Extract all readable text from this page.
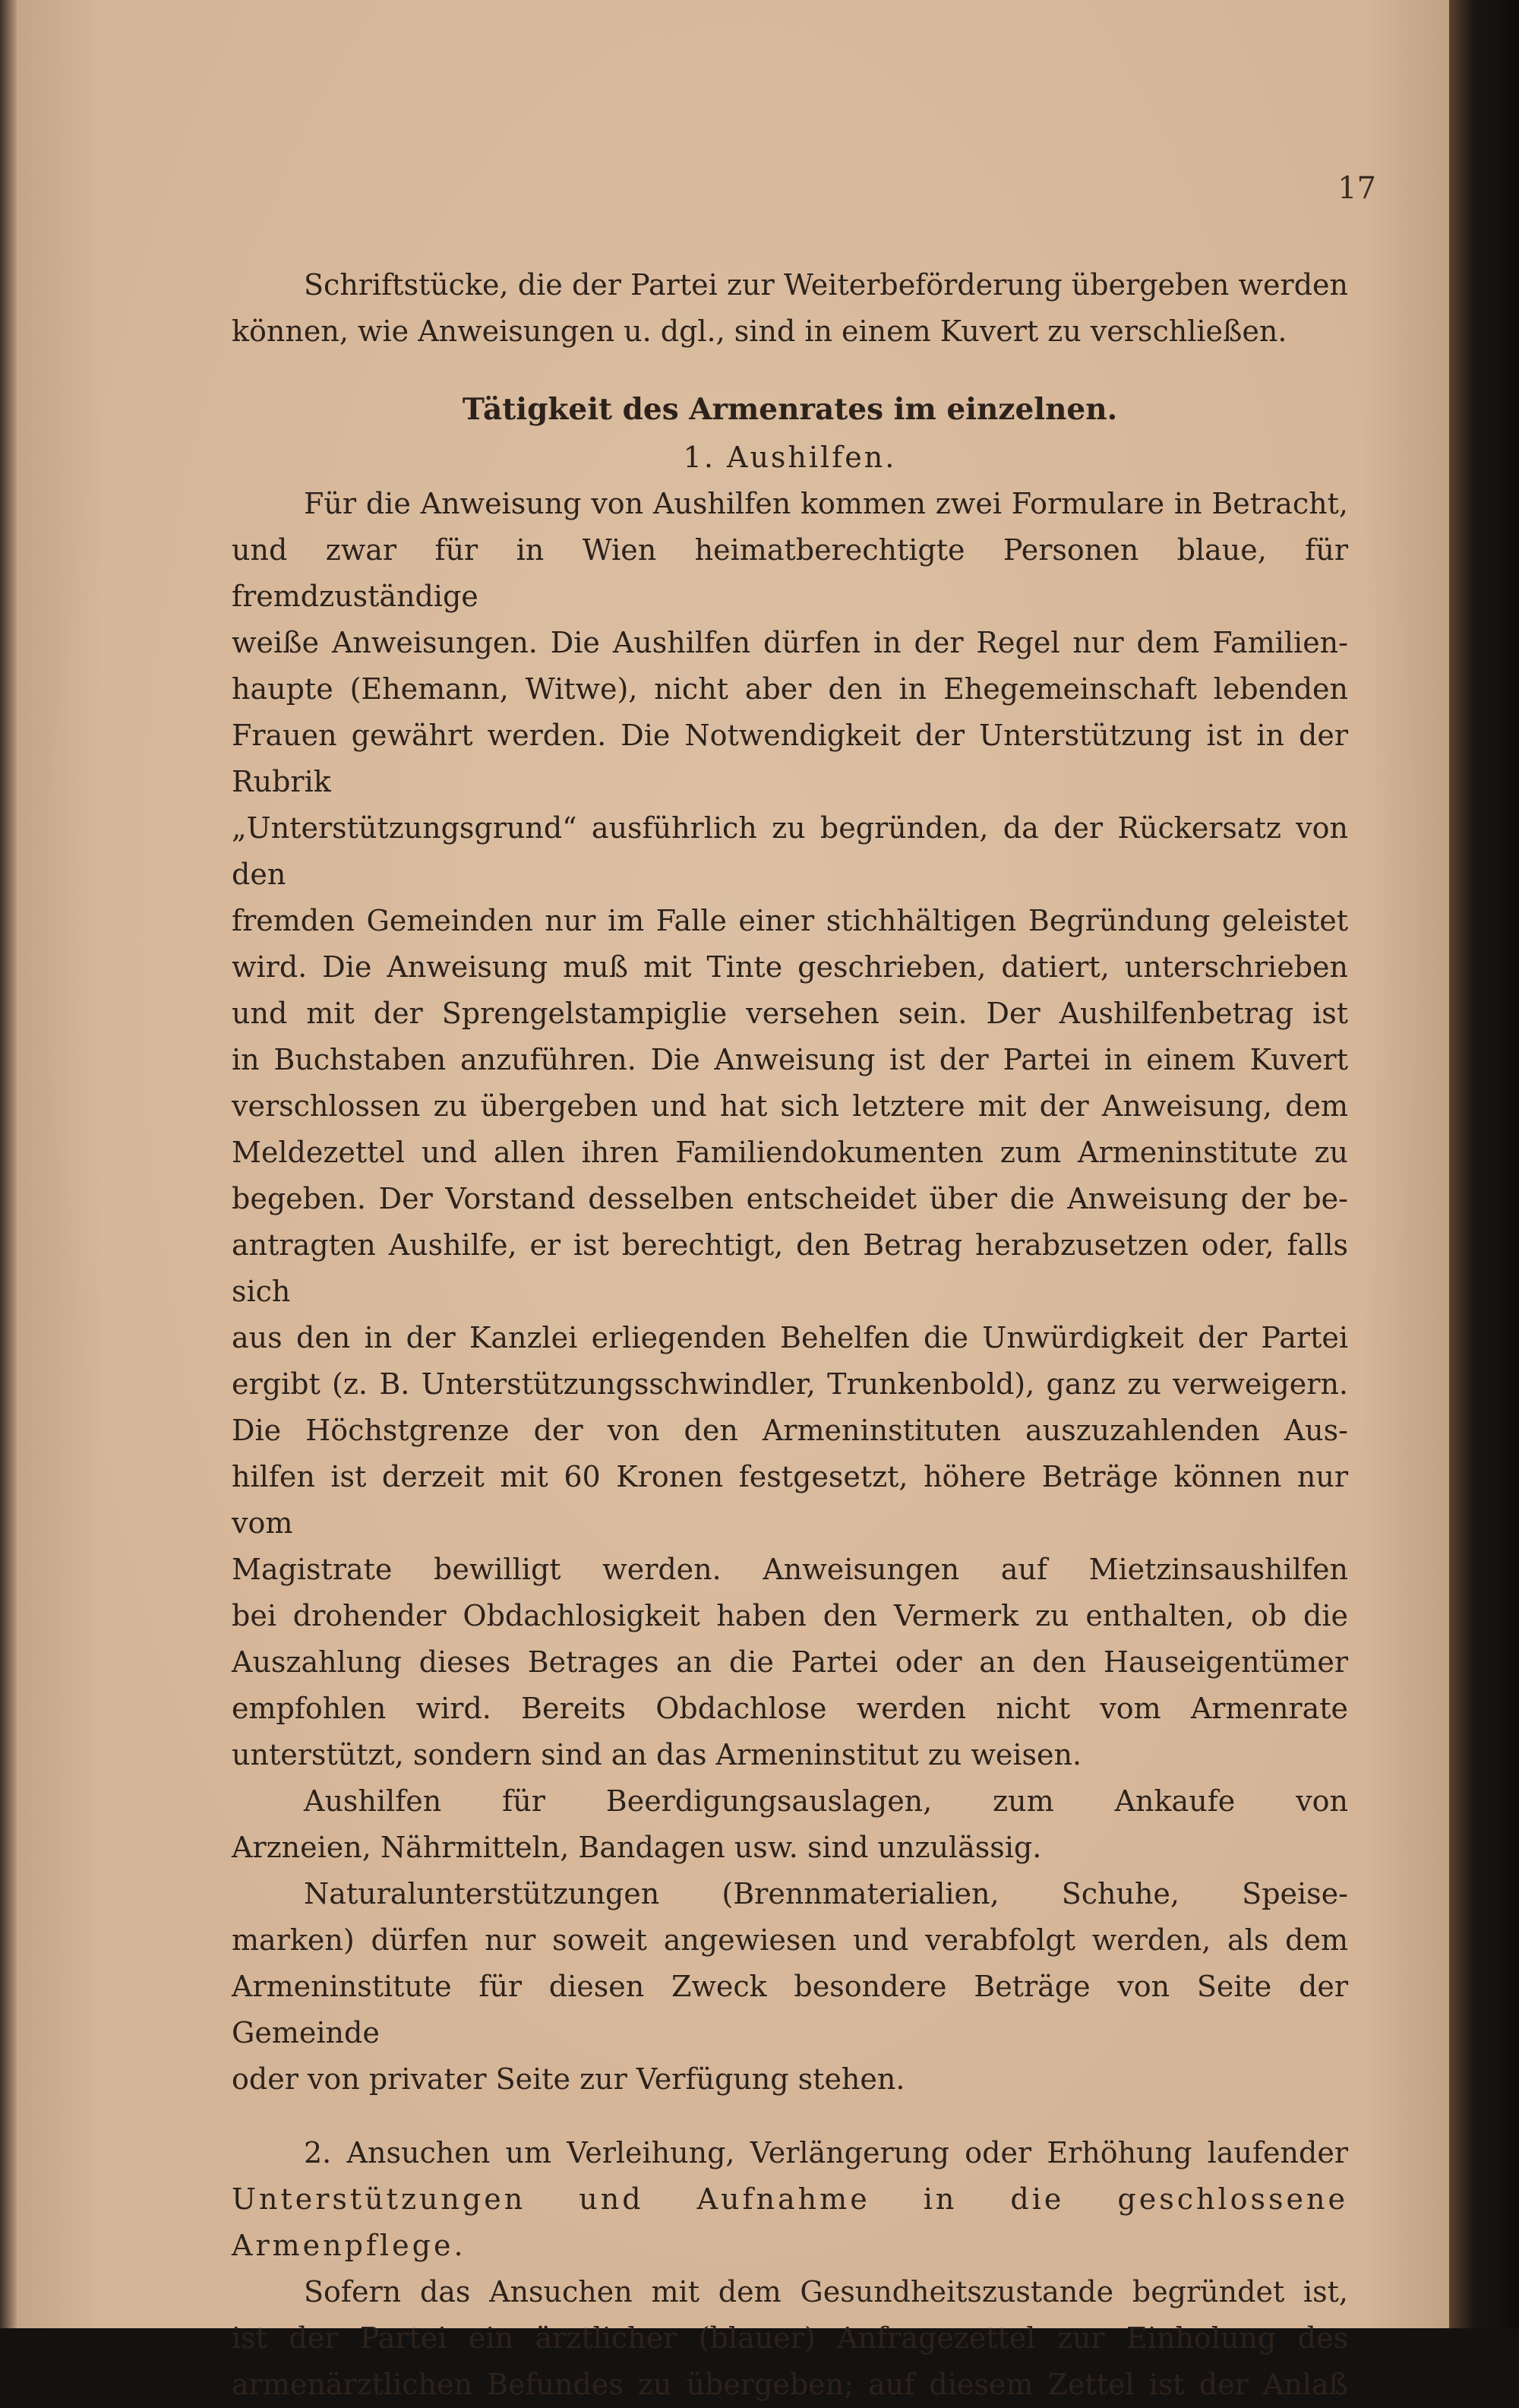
17

Schriftstücke, die der Partei zur Weiterbeförderung übergeben werden

können, wie Anweisungen u. dgl., sind in einem Kuvert zu verschließen.

Tätigkeit des Armenrates im einzelnen.
1. Aushilfen.

Für die Anweisung von Aushilfen kommen zwei Formulare in Betracht,

und zwar für in Wien heimatberechtigte Personen blaue, für fremdzuständige

weiße Anweisungen. Die Aushilfen dürfen in der Regel nur dem Familien-

haupte (Ehemann, Witwe), nicht aber den in Ehegemeinschaft lebenden

Frauen gewährt werden. Die Notwendigkeit der Unterstützung ist in der Rubrik

„Unterstützungsgrund“ ausführlich zu begründen, da der Rückersatz von den

fremden Gemeinden nur im Falle einer stichhältigen Begründung geleistet

wird. Die Anweisung muß mit Tinte geschrieben, datiert, unterschrieben

und mit der Sprengelstampiglie versehen sein. Der Aushilfenbetrag ist

in Buchstaben anzuführen. Die Anweisung ist der Partei in einem Kuvert

verschlossen zu übergeben und hat sich letztere mit der Anweisung, dem

Meldezettel und allen ihren Familiendokumenten zum Armeninstitute zu

begeben. Der Vorstand desselben entscheidet über die Anweisung der be-

antragten Aushilfe, er ist berechtigt, den Betrag herabzusetzen oder, falls sich

aus den in der Kanzlei erliegenden Behelfen die Unwürdigkeit der Partei

ergibt (z. B. Unterstützungsschwindler, Trunkenbold), ganz zu verweigern.

Die Höchstgrenze der von den Armeninstituten auszuzahlenden Aus-

hilfen ist derzeit mit 60 Kronen festgesetzt, höhere Beträge können nur vom

Magistrate bewilligt werden. Anweisungen auf Mietzinsaushilfen

bei drohender Obdachlosigkeit haben den Vermerk zu enthalten, ob die

Auszahlung dieses Betrages an die Partei oder an den Hauseigentümer

empfohlen wird. Bereits Obdachlose werden nicht vom Armenrate

unterstützt, sondern sind an das Armeninstitut zu weisen.

Aushilfen für Beerdigungsauslagen, zum Ankaufe von

Arzneien, Nährmitteln, Bandagen usw. sind unzulässig.

Naturalunterstützungen (Brennmaterialien, Schuhe, Speise-

marken) dürfen nur soweit angewiesen und verabfolgt werden, als dem

Armeninstitute für diesen Zweck besondere Beträge von Seite der Gemeinde

oder von privater Seite zur Verfügung stehen.

2. Ansuchen um Verleihung, Verlängerung oder Erhöhung laufender

Unterstützungen und Aufnahme in die geschlossene Armenpflege.

Sofern das Ansuchen mit dem Gesundheitszustande begründet ist,

ist der Partei ein ärztlicher (blauer) Anfragezettel zur Einholung des

armenärztlichen Befundes zu übergeben; auf diesem Zettel ist der Anlaß
